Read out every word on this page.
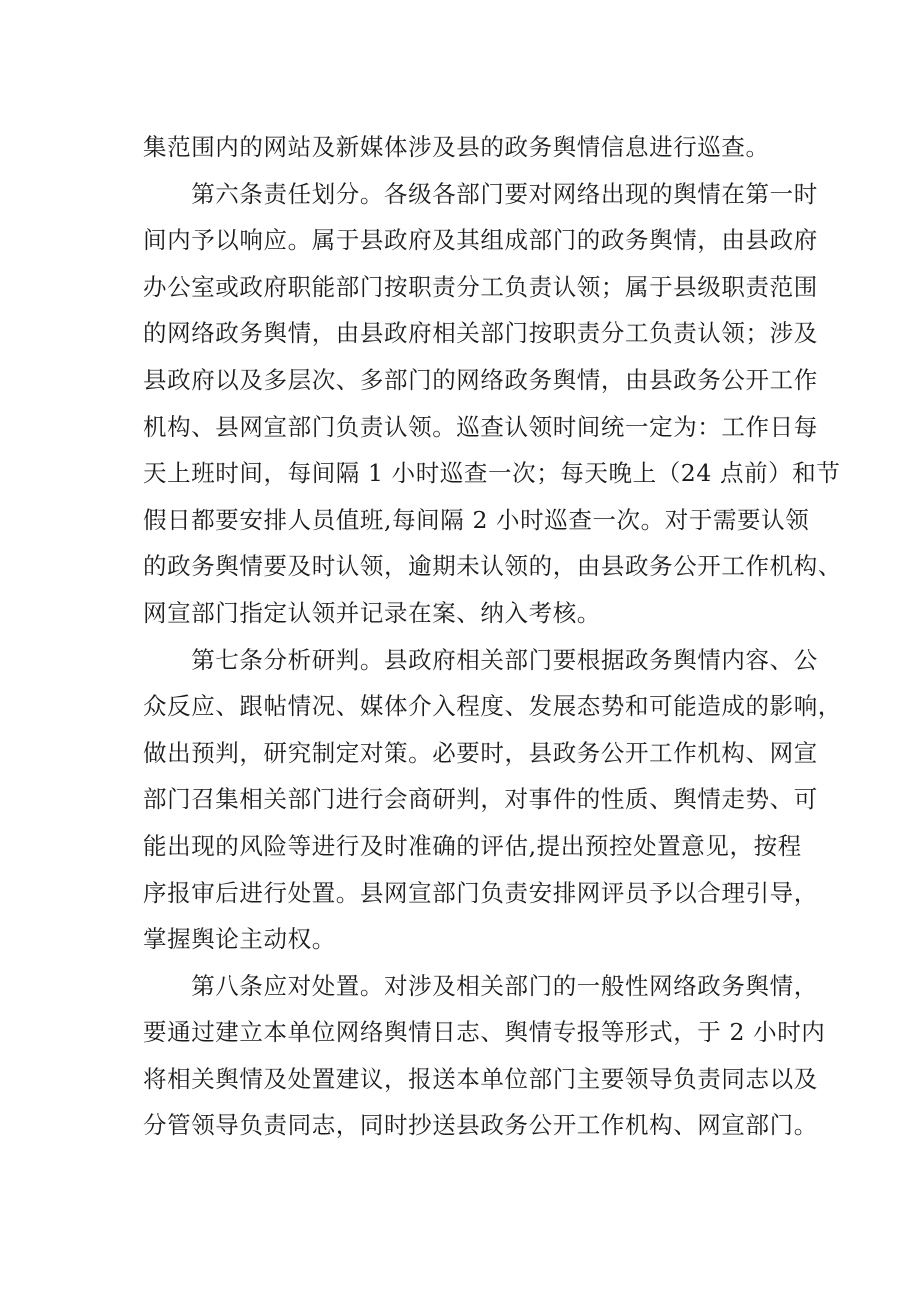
集范围内的网站及新媒体涉及县的政务舆情信息进行巡查。
　　第六条责任划分。各级各部门要对网络出现的舆情在第一时
间内予以响应。属于县政府及其组成部门的政务舆情，由县政府
办公室或政府职能部门按职责分工负责认领；属于县级职责范围
的网络政务舆情，由县政府相关部门按职责分工负责认领；涉及
县政府以及多层次、多部门的网络政务舆情，由县政务公开工作
机构、县网宣部门负责认领。巡查认领时间统一定为：工作日每
天上班时间，每间隔 1 小时巡查一次；每天晚上（24 点前）和节
假日都要安排人员值班,每间隔 2 小时巡查一次。对于需要认领
的政务舆情要及时认领，逾期未认领的，由县政务公开工作机构、
网宣部门指定认领并记录在案、纳入考核。
　　第七条分析研判。县政府相关部门要根据政务舆情内容、公
众反应、跟帖情况、媒体介入程度、发展态势和可能造成的影响，
做出预判，研究制定对策。必要时，县政务公开工作机构、网宣
部门召集相关部门进行会商研判，对事件的性质、舆情走势、可
能出现的风险等进行及时准确的评估,提出预控处置意见，按程
序报审后进行处置。县网宣部门负责安排网评员予以合理引导，
掌握舆论主动权。
　　第八条应对处置。对涉及相关部门的一般性网络政务舆情，
要通过建立本单位网络舆情日志、舆情专报等形式，于 2 小时内
将相关舆情及处置建议，报送本单位部门主要领导负责同志以及
分管领导负责同志，同时抄送县政务公开工作机构、网宣部门。
